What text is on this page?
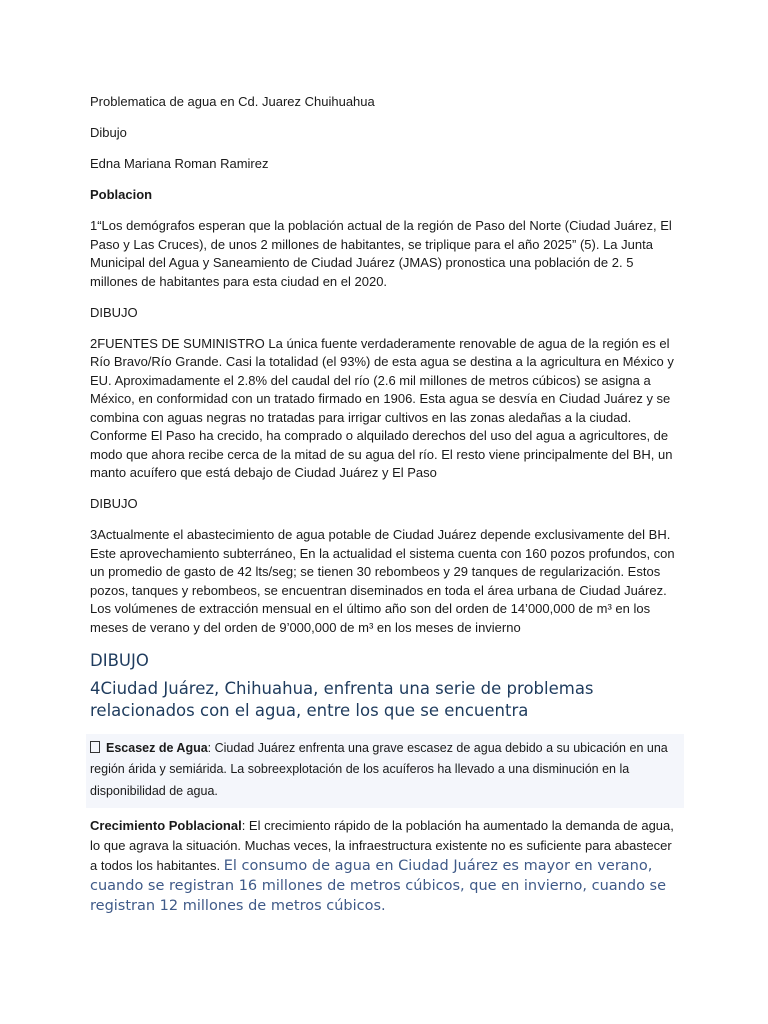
Problematica de agua en Cd. Juarez Chuihuahua

Dibujo

Edna Mariana Roman Ramirez

Poblacion

1“Los demógrafos esperan que la población actual de la región de Paso del Norte (Ciudad Juárez, El Paso y Las Cruces), de unos 2 millones de habitantes, se triplique para el año 2025” (5). La Junta Municipal del Agua y Saneamiento de Ciudad Juárez (JMAS) pronostica una población de 2. 5 millones de habitantes para esta ciudad en el 2020.

DIBUJO

2FUENTES DE SUMINISTRO La única fuente verdaderamente renovable de agua de la región es el Río Bravo/Río Grande. Casi la totalidad (el 93%) de esta agua se destina a la agricultura en México y EU. Aproximadamente el 2.8% del caudal del río (2.6 mil millones de metros cúbicos) se asigna a México, en conformidad con un tratado firmado en 1906. Esta agua se desvía en Ciudad Juárez y se combina con aguas negras no tratadas para irrigar cultivos en las zonas aledañas a la ciudad. Conforme El Paso ha crecido, ha comprado o alquilado derechos del uso del agua a agricultores, de modo que ahora recibe cerca de la mitad de su agua del río. El resto viene principalmente del BH, un manto acuífero que está debajo de Ciudad Juárez y El Paso

DIBUJO

3Actualmente el abastecimiento de agua potable de Ciudad Juárez depende exclusivamente del BH. Este aprovechamiento subterráneo, En la actualidad el sistema cuenta con 160 pozos profundos, con un promedio de gasto de 42 lts/seg; se tienen 30 rebombeos y 29 tanques de regularización. Estos pozos, tanques y rebombeos, se encuentran diseminados en toda el área urbana de Ciudad Juárez. Los volúmenes de extracción mensual en el último año son del orden de 14’000,000 de m³ en los meses de verano y del orden de 9’000,000 de m³ en los meses de invierno

DIBUJO

4Ciudad Juárez, Chihuahua, enfrenta una serie de problemas relacionados con el agua, entre los que se encuentra

Escasez de Agua: Ciudad Juárez enfrenta una grave escasez de agua debido a su ubicación en una región árida y semiárida. La sobreexplotación de los acuíferos ha llevado a una disminución en la disponibilidad de agua.

Crecimiento Poblacional: El crecimiento rápido de la población ha aumentado la demanda de agua, lo que agrava la situación. Muchas veces, la infraestructura existente no es suficiente para abastecer a todos los habitantes. El consumo de agua en Ciudad Juárez es mayor en verano, cuando se registran 16 millones de metros cúbicos, que en invierno, cuando se registran 12 millones de metros cúbicos.
